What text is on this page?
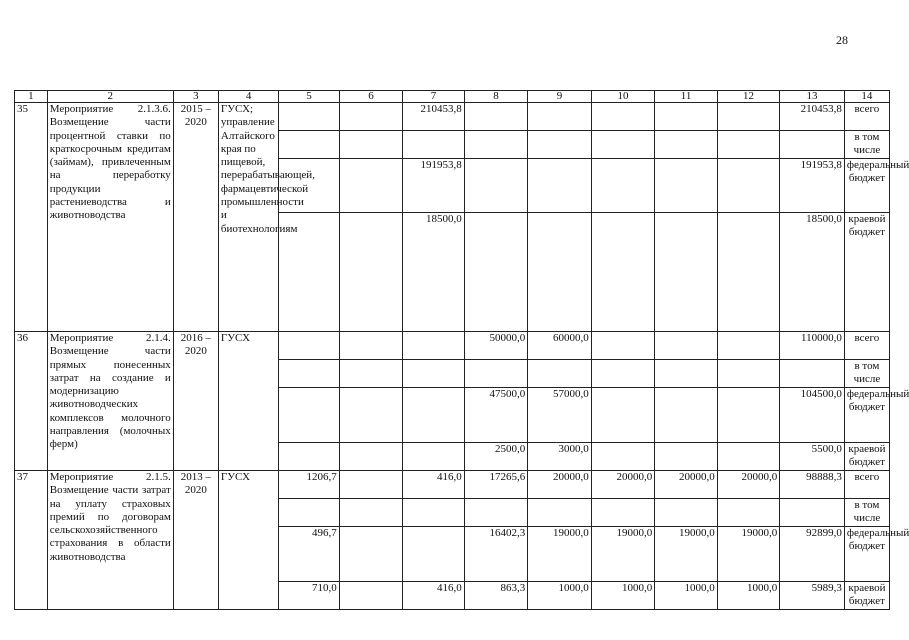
28
1	2	3	4	5	6	7	8	9	10	11	12	13	14
35	Мероприятие 2.1.3.6. Возмещение части процентной ставки по краткосрочным кредитам (займам), привлеченным на переработку продукции растениеводства и животноводства	2015 – 2020	ГУСХ; управление Алтайского края по пищевой, перерабатывающей, фармацевтической промышленности и биотехнологиям			210453,8						210453,8	всего
													в том числе
						191953,8						191953,8	федеральный бюджет
						18500,0						18500,0	краевой бюджет
36	Мероприятие 2.1.4. Возмещение части прямых понесенных затрат на создание и модернизацию животноводческих комплексов молочного направления (молочных ферм)	2016 – 2020	ГУСХ				50000,0	60000,0				110000,0	всего
													в том числе
							47500,0	57000,0				104500,0	федеральный бюджет
							2500,0	3000,0				5500,0	краевой бюджет
37	Мероприятие 2.1.5. Возмещение части затрат на уплату страховых премий по договорам сельскохозяйственного страхования в области животноводства	2013 – 2020	ГУСХ	1206,7		416,0	17265,6	20000,0	20000,0	20000,0	20000,0	98888,3	всего
													в том числе
				496,7			16402,3	19000,0	19000,0	19000,0	19000,0	92899,0	федеральный бюджет
				710,0		416,0	863,3	1000,0	1000,0	1000,0	1000,0	5989,3	краевой бюджет
